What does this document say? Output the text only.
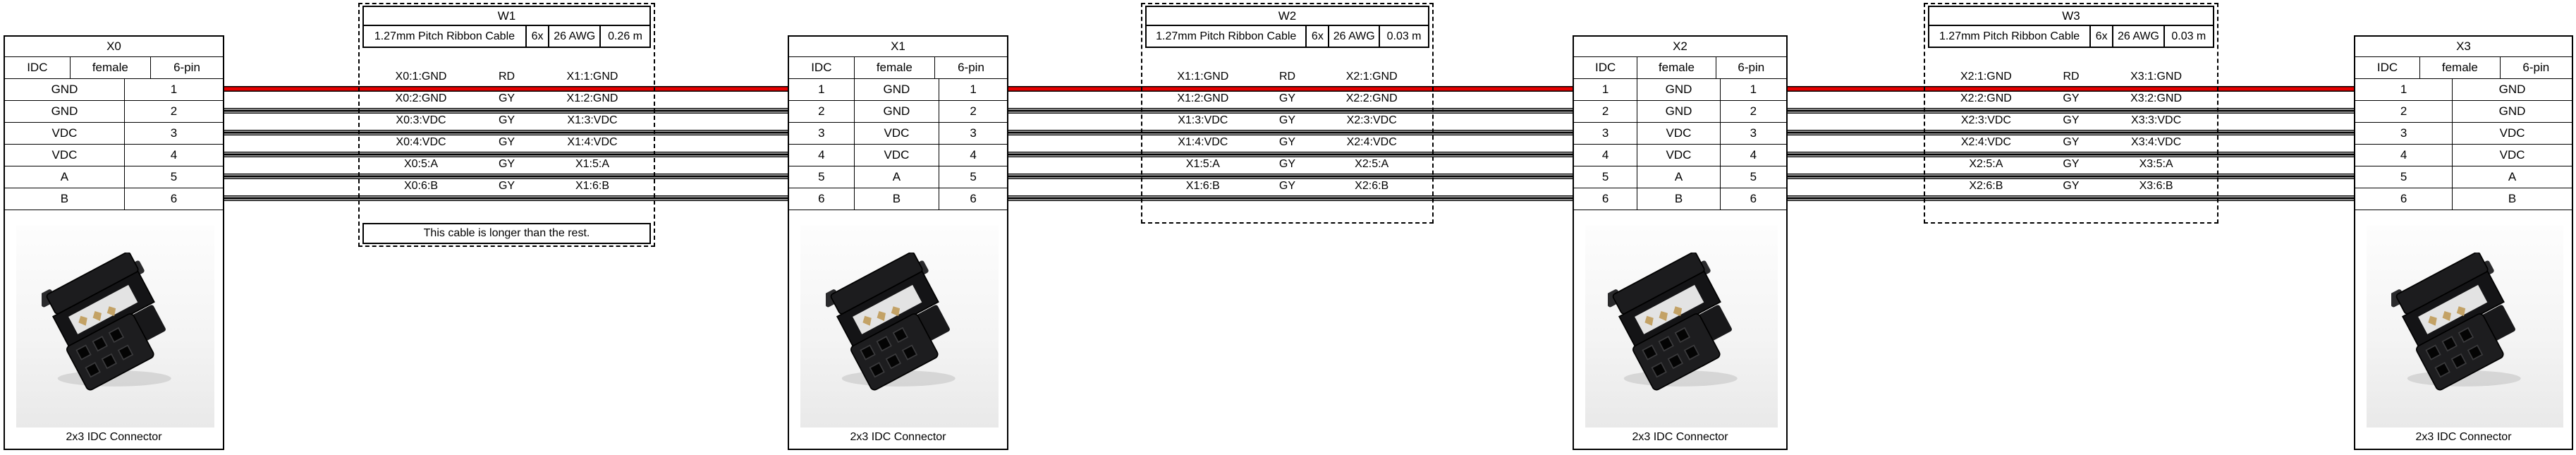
X0
IDC	female	6-pin
GND	1
GND	2
VDC	3
VDC	4
A	5
B	6
2x3 IDC Connector
X1
IDC	female	6-pin
1	GND	1
2	GND	2
3	VDC	3
4	VDC	4
5	A	5
6	B	6
2x3 IDC Connector
X2
IDC	female	6-pin
1	GND	1
2	GND	2
3	VDC	3
4	VDC	4
5	A	5
6	B	6
2x3 IDC Connector
X3
IDC	female	6-pin
1	GND
2	GND
3	VDC
4	VDC
5	A
6	B
2x3 IDC Connector
W1
1.27mm Pitch Ribbon Cable	6x 26 AWG	0.26 m
X0:1:GND	RD	X1:1:GND
X0:2:GND	GY	X1:2:GND
X0:3:VDC	GY	X1:3:VDC
X0:4:VDC	GY	X1:4:VDC
X0:5:A	GY	X1:5:A
X0:6:B	GY	X1:6:B
This cable is longer than the rest.
W2
1.27mm Pitch Ribbon Cable	6x 26 AWG	0.03 m
X1:1:GND	RD	X2:1:GND
X1:2:GND	GY	X2:2:GND
X1:3:VDC	GY	X2:3:VDC
X1:4:VDC	GY	X2:4:VDC
X1:5:A	GY	X2:5:A
X1:6:B	GY	X2:6:B
W3
1.27mm Pitch Ribbon Cable	6x 26 AWG	0.03 m
X2:1:GND	RD	X3:1:GND
X2:2:GND	GY	X3:2:GND
X2:3:VDC	GY	X3:3:VDC
X2:4:VDC	GY	X3:4:VDC
X2:5:A	GY	X3:5:A
X2:6:B	GY	X3:6:B
